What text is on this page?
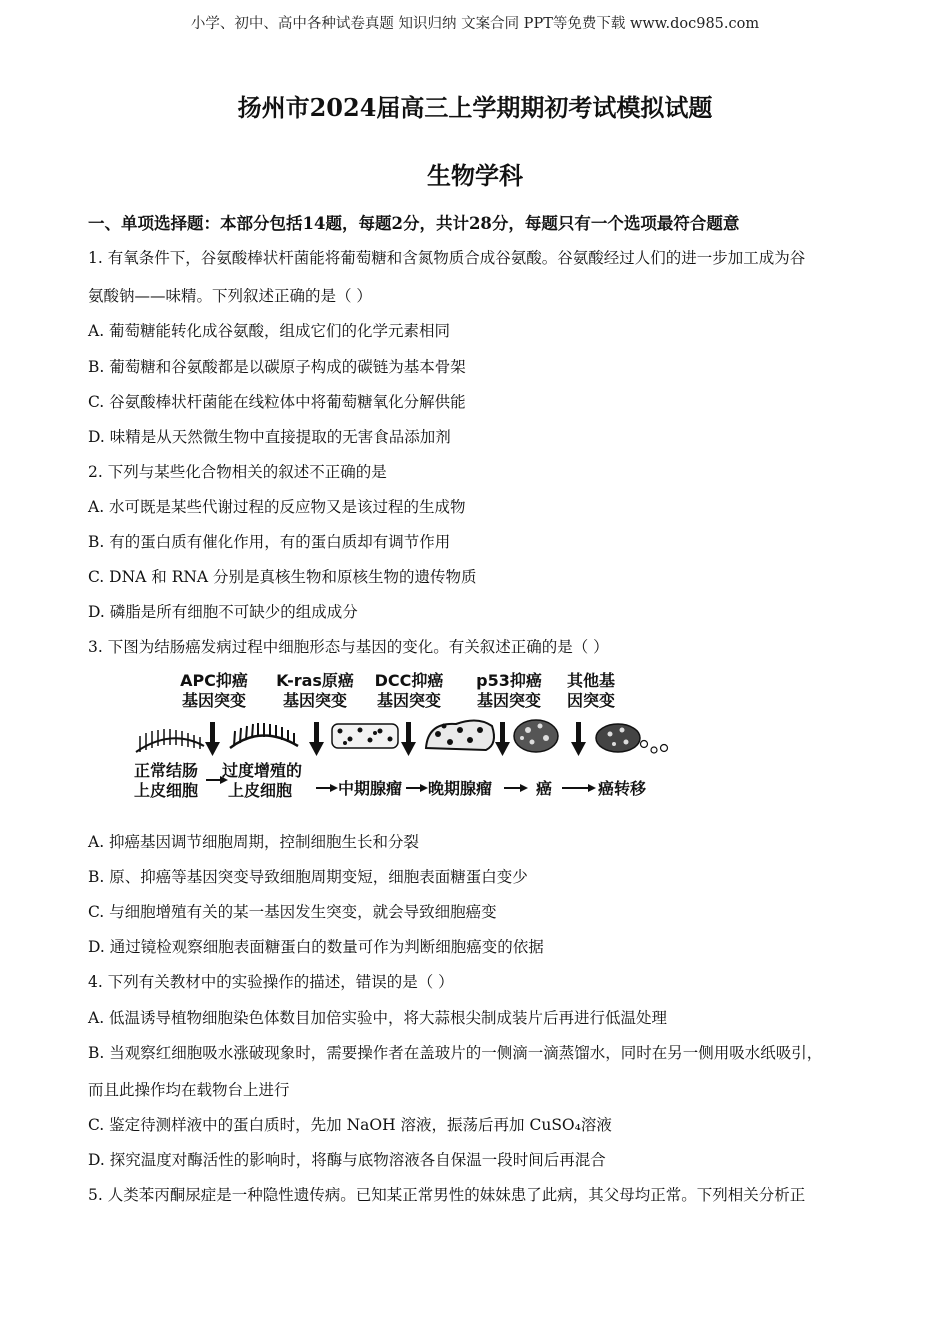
小学、初中、高中各种试卷真题 知识归纳 文案合同 PPT等免费下载 www.doc985.com
扬州市2024届高三上学期期初考试模拟试题
生物学科
一、单项选择题：本部分包括14题，每题2分，共计28分，每题只有一个选项最符合题意
1. 有氧条件下，谷氨酸棒状杆菌能将葡萄糖和含氮物质合成谷氨酸。谷氨酸经过人们的进一步加工成为谷
氨酸钠——味精。下列叙述正确的是（ ）
A. 葡萄糖能转化成谷氨酸，组成它们的化学元素相同
B. 葡萄糖和谷氨酸都是以碳原子构成的碳链为基本骨架
C. 谷氨酸棒状杆菌能在线粒体中将葡萄糖氧化分解供能
D. 味精是从天然微生物中直接提取的无害食品添加剂
2. 下列与某些化合物相关的叙述不正确的是
A. 水可既是某些代谢过程的反应物又是该过程的生成物
B. 有的蛋白质有催化作用，有的蛋白质却有调节作用
C. DNA 和 RNA 分别是真核生物和原核生物的遗传物质
D. 磷脂是所有细胞不可缺少的组成成分
3. 下图为结肠癌发病过程中细胞形态与基因的变化。有关叙述正确的是（ ）
APC抑癌
基因突变
K-ras原癌
基因突变
DCC抑癌
基因突变
p53抑癌
基因突变
其他基
因突变
正常结肠
上皮细胞
过度增殖的
上皮细胞	中期腺瘤 晚期腺瘤	癌	癌转移
A. 抑癌基因调节细胞周期，控制细胞生长和分裂
B. 原、抑癌等基因突变导致细胞周期变短，细胞表面糖蛋白变少
C. 与细胞增殖有关的某一基因发生突变，就会导致细胞癌变
D. 通过镜检观察细胞表面糖蛋白的数量可作为判断细胞癌变的依据
4. 下列有关教材中的实验操作的描述，错误的是（ ）
A. 低温诱导植物细胞染色体数目加倍实验中，将大蒜根尖制成装片后再进行低温处理
B. 当观察红细胞吸水涨破现象时，需要操作者在盖玻片的一侧滴一滴蒸馏水，同时在另一侧用吸水纸吸引，
而且此操作均在载物台上进行
C. 鉴定待测样液中的蛋白质时，先加 NaOH 溶液，振荡后再加 CuSO₄溶液
D. 探究温度对酶活性的影响时，将酶与底物溶液各自保温一段时间后再混合
5. 人类苯丙酮尿症是一种隐性遗传病。已知某正常男性的妹妹患了此病，其父母均正常。下列相关分析正
